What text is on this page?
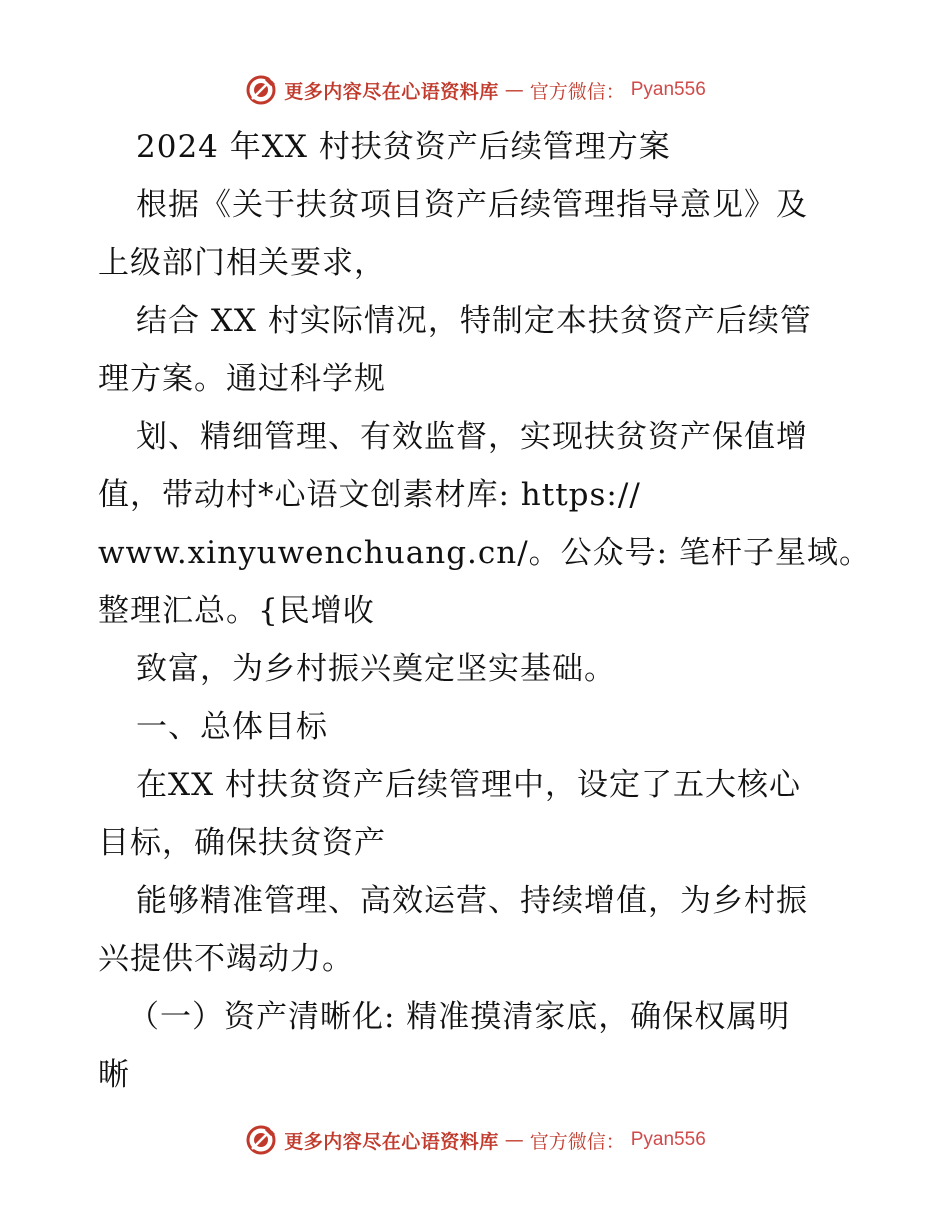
更多内容尽在心语资料库 — 官方微信： Pyan556
2024 年XX 村扶贫资产后续管理方案
根据《关于扶贫项目资产后续管理指导意见》及
上级部门相关要求，
结合 XX 村实际情况，特制定本扶贫资产后续管
理方案。通过科学规
划、精细管理、有效监督，实现扶贫资产保值增
值，带动村*心语文创素材库: https://
www.xinyuwenchuang.cn/。公众号: 笔杆子星域。
整理汇总。{民增收
致富，为乡村振兴奠定坚实基础。
一、总体目标
在XX 村扶贫资产后续管理中，设定了五大核心
目标，确保扶贫资产
能够精准管理、高效运营、持续增值，为乡村振
兴提供不竭动力。
（一）资产清晰化: 精准摸清家底，确保权属明
晰
更多内容尽在心语资料库 — 官方微信： Pyan556
